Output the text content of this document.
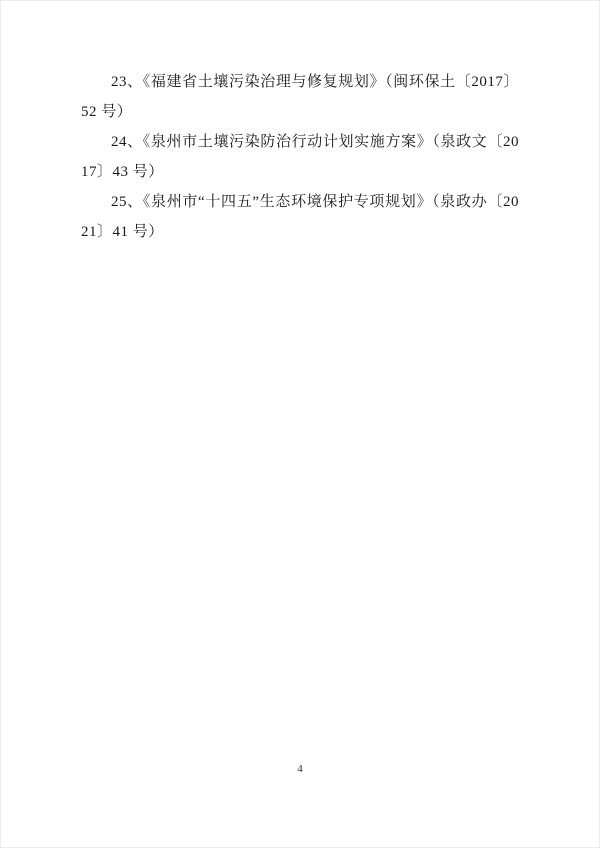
23、《福建省土壤污染治理与修复规划》（闽环保土〔2017〕52 号）

24、《泉州市土壤污染防治行动计划实施方案》（泉政文〔2017〕43 号）

25、《泉州市“十四五”生态环境保护专项规划》（泉政办〔2021〕41 号）

4
